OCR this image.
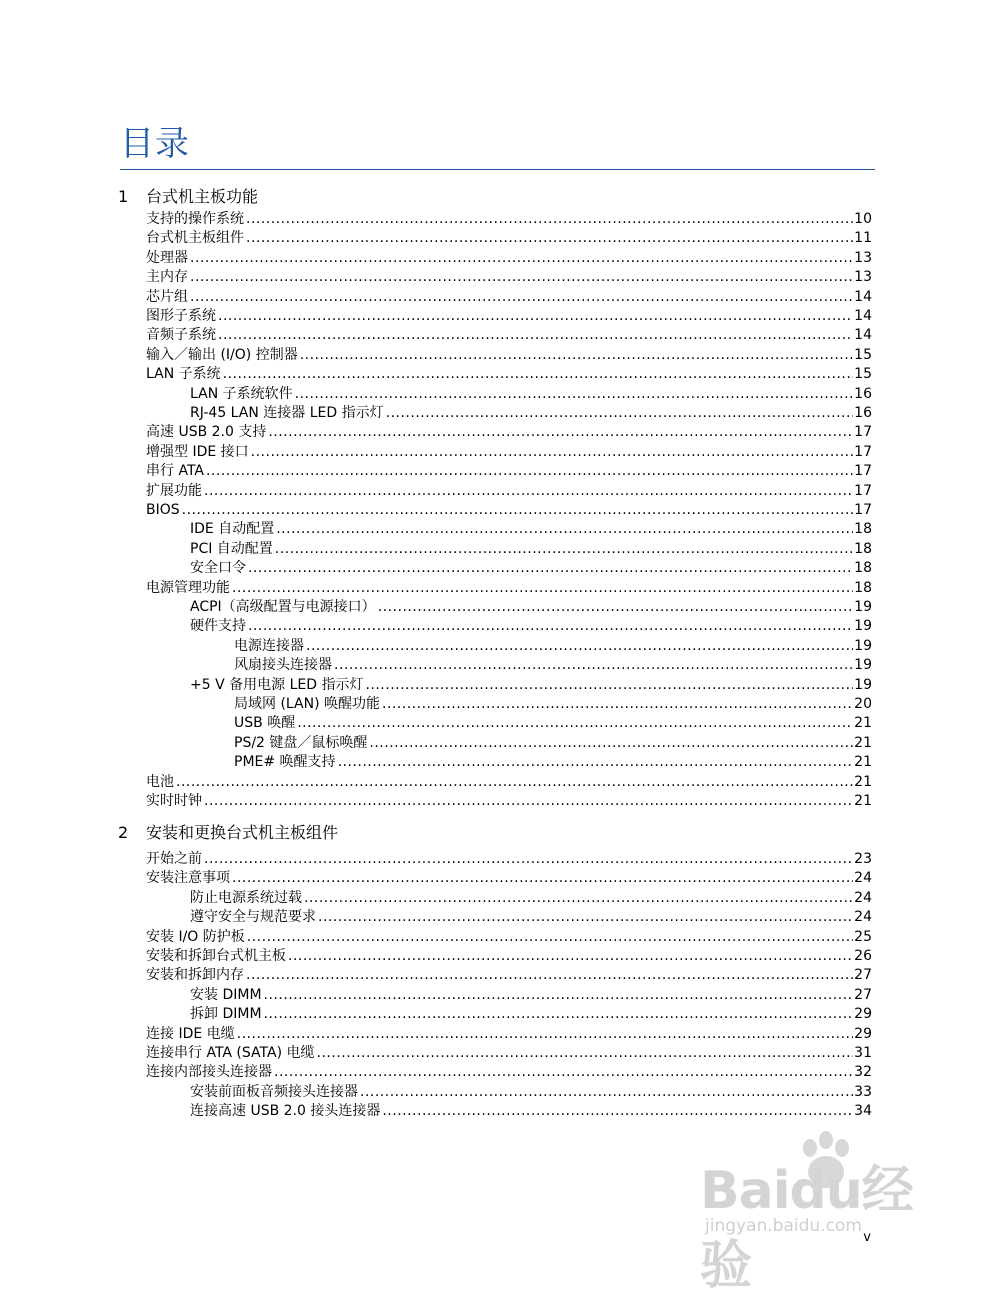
目录
1 台式机主板功能
支持的操作系统 .....	10
台式机主板组件 .....	11
处理器 .....	13
主内存 .....	13
芯片组 .....	14
图形子系统 .....	14
音频子系统 .....	14
输入／输出 (I/O) 控制器 .....	15
LAN 子系统 .....	15
LAN 子系统软件 .....	16
RJ-45 LAN 连接器 LED 指示灯 .....	16
高速 USB 2.0 支持 .....	17
增强型 IDE 接口 .....	17
串行 ATA .....	17
扩展功能 .....	17
BIOS .....	17
IDE 自动配置 .....	18
PCI 自动配置 .....	18
安全口令 .....	18
电源管理功能 .....	18
ACPI（高级配置与电源接口） .....	19
硬件支持 .....	19
电源连接器 .....	19
风扇接头连接器 .....	19
+5 V 备用电源 LED 指示灯 .....	19
局域网 (LAN) 唤醒功能 .....	20
USB 唤醒 .....	21
PS/2 键盘／鼠标唤醒 .....	21
PME# 唤醒支持 .....	21
电池 .....	21
实时时钟 .....	21
2 安装和更换台式机主板组件
开始之前 .....	23
安装注意事项 .....	24
防止电源系统过载 .....	24
遵守安全与规范要求 .....	24
安装 I/O 防护板 .....	25
安装和拆卸台式机主板 .....	26
安装和拆卸内存 .....	27
安装 DIMM .....	27
拆卸 DIMM .....	29
连接 IDE 电缆 .....	29
连接串行 ATA (SATA) 电缆 .....	31
连接内部接头连接器 .....	32
安装前面板音频接头连接器 .....	33
连接高速 USB 2.0 接头连接器 .....	34
v
Baidu经验
jingyan.baidu.com
